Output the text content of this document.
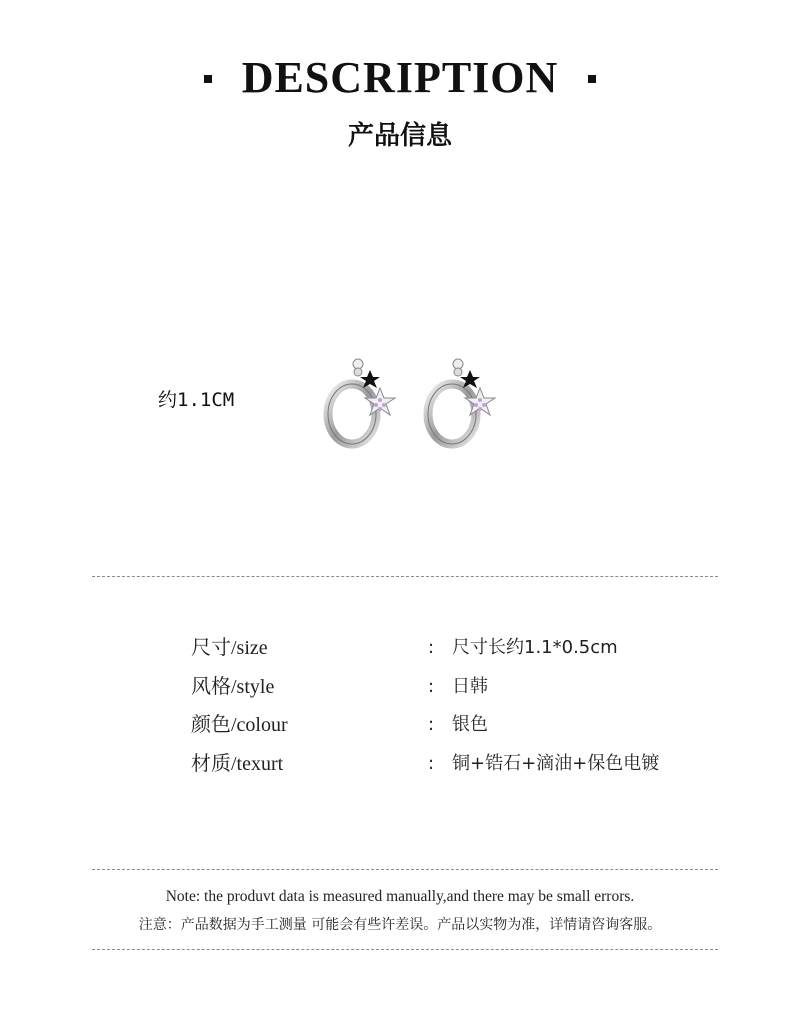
DESCRIPTION
产品信息
约1.1CM
尺寸/size	: 尺寸长约1.1*0.5cm
风格/style	: 日韩
颜色/colour	: 银色
材质/texurt	: 铜+锆石+滴油+保色电镀
Note: the produvt data is measured manually,and there may be small errors.
注意：产品数据为手工测量 可能会有些许差误。产品以实物为准，详情请咨询客服。
